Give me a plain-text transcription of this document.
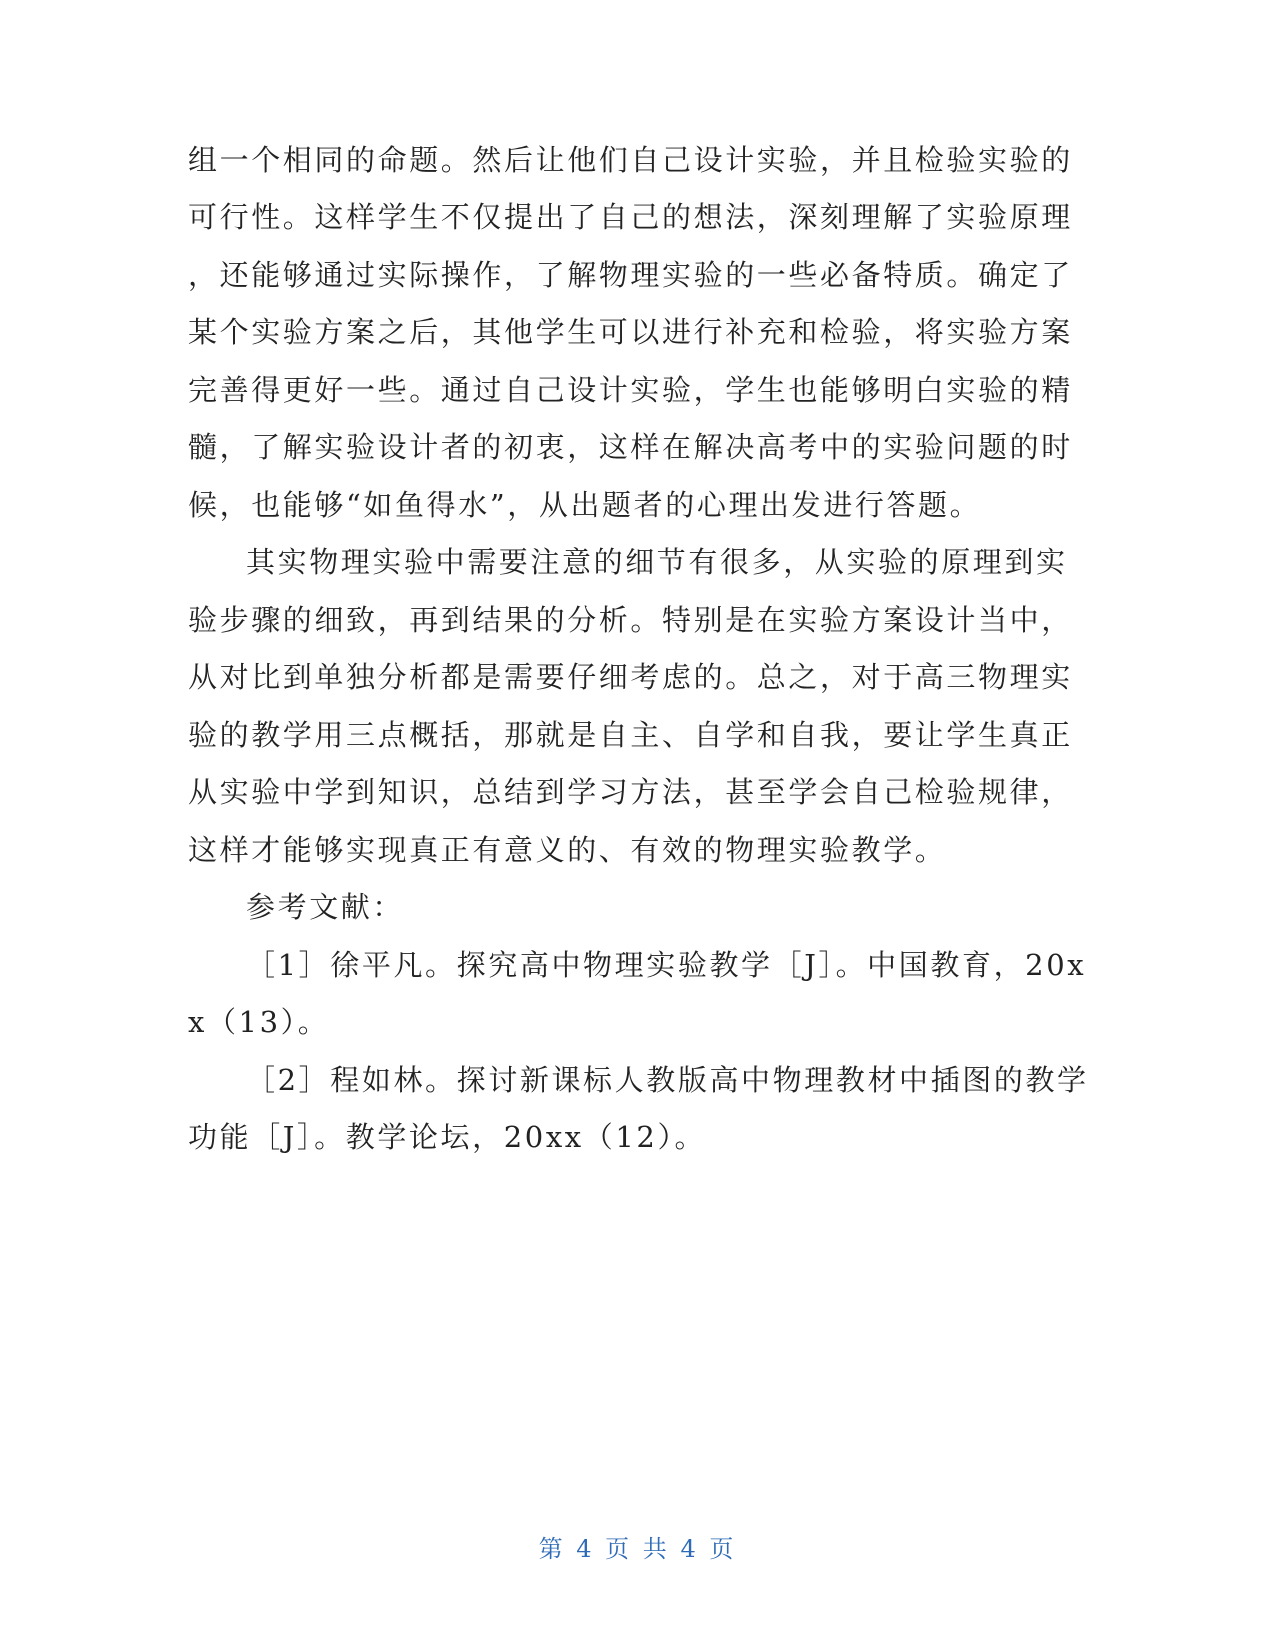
组一个相同的命题。然后让他们自己设计实验，并且检验实验的
可行性。这样学生不仅提出了自己的想法，深刻理解了实验原理
，还能够通过实际操作，了解物理实验的一些必备特质。确定了
某个实验方案之后，其他学生可以进行补充和检验，将实验方案
完善得更好一些。通过自己设计实验，学生也能够明白实验的精
髓，了解实验设计者的初衷，这样在解决高考中的实验问题的时
候，也能够“如鱼得水”，从出题者的心理出发进行答题。
其实物理实验中需要注意的细节有很多，从实验的原理到实
验步骤的细致，再到结果的分析。特别是在实验方案设计当中，
从对比到单独分析都是需要仔细考虑的。总之，对于高三物理实
验的教学用三点概括，那就是自主、自学和自我，要让学生真正
从实验中学到知识，总结到学习方法，甚至学会自己检验规律，
这样才能够实现真正有意义的、有效的物理实验教学。
参考文献：
［1］徐平凡。探究高中物理实验教学［J］。中国教育，20x
x（13）。
［2］程如林。探讨新课标人教版高中物理教材中插图的教学
功能［J］。教学论坛，20xx（12）。
第 4 页 共 4 页
